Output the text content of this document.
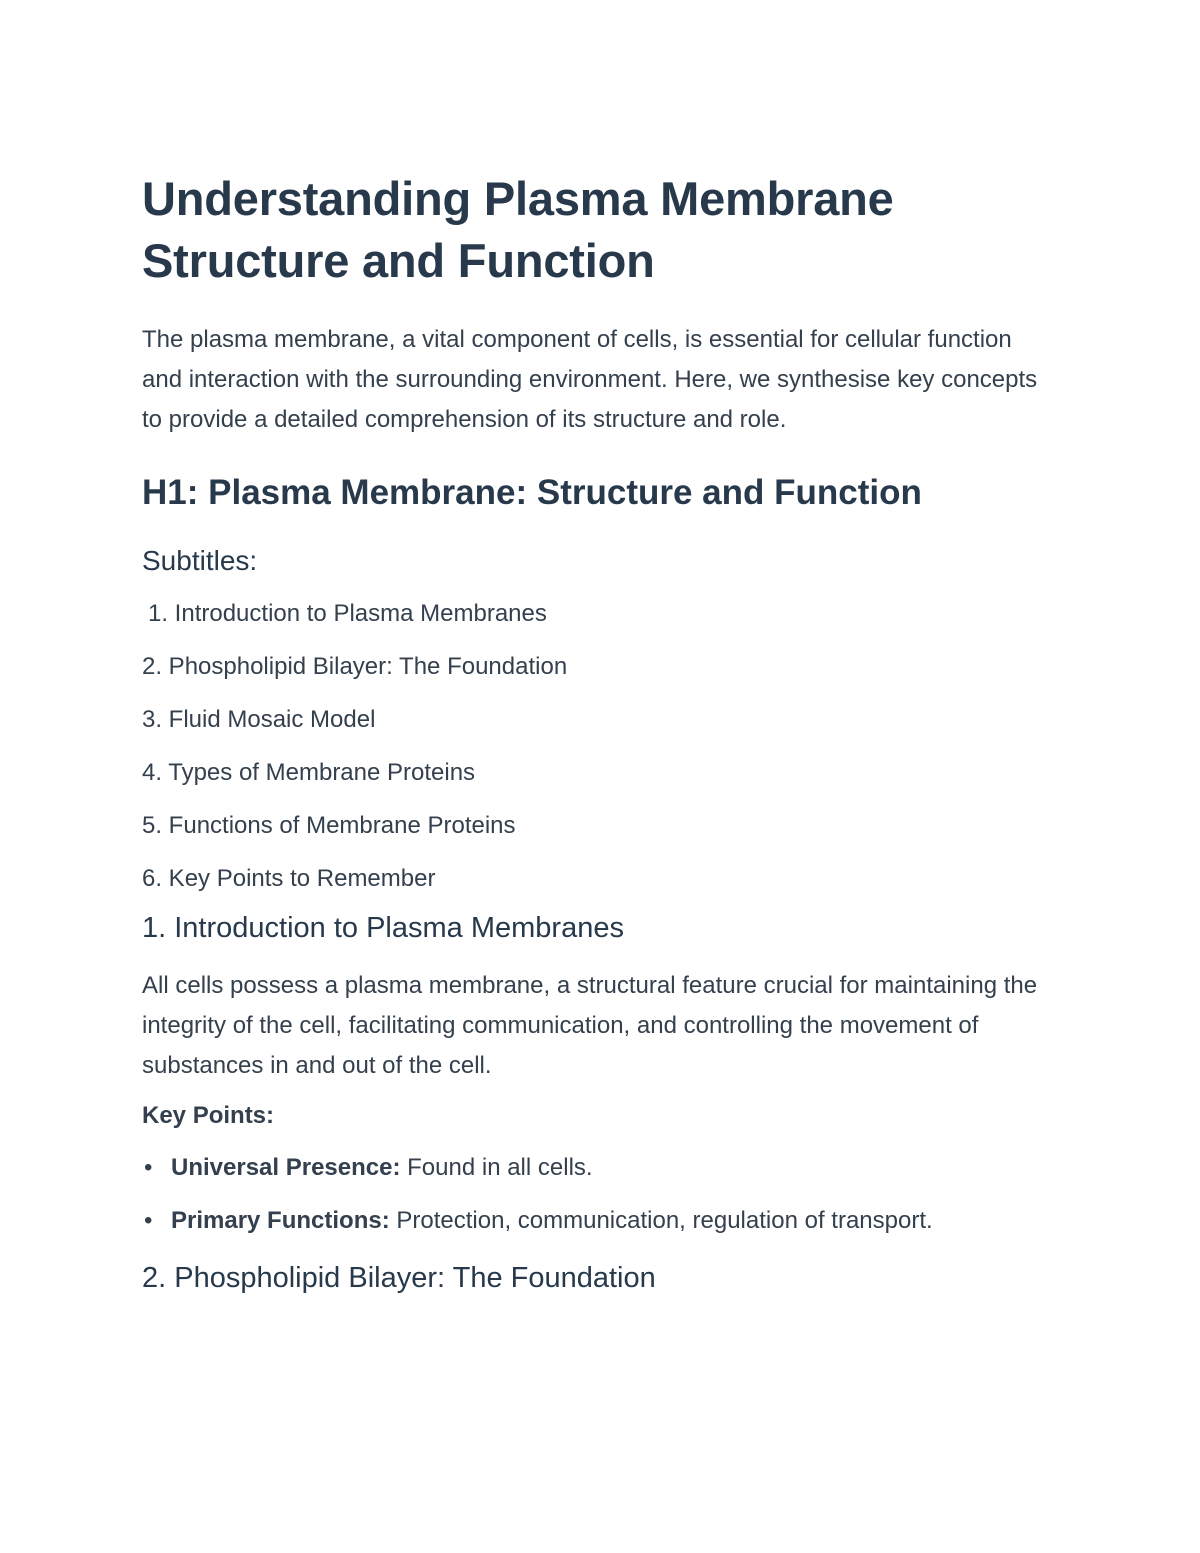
Understanding Plasma Membrane Structure and Function

The plasma membrane, a vital component of cells, is essential for cellular function and interaction with the surrounding environment. Here, we synthesise key concepts to provide a detailed comprehension of its structure and role.

H1: Plasma Membrane: Structure and Function
Subtitles:
1. Introduction to Plasma Membranes
2. Phospholipid Bilayer: The Foundation
3. Fluid Mosaic Model
4. Types of Membrane Proteins
5. Functions of Membrane Proteins
6. Key Points to Remember
1. Introduction to Plasma Membranes

All cells possess a plasma membrane, a structural feature crucial for maintaining the integrity of the cell, facilitating communication, and controlling the movement of substances in and out of the cell.

Key Points:

• Universal Presence: Found in all cells.
• Primary Functions: Protection, communication, regulation of transport.
2. Phospholipid Bilayer: The Foundation
